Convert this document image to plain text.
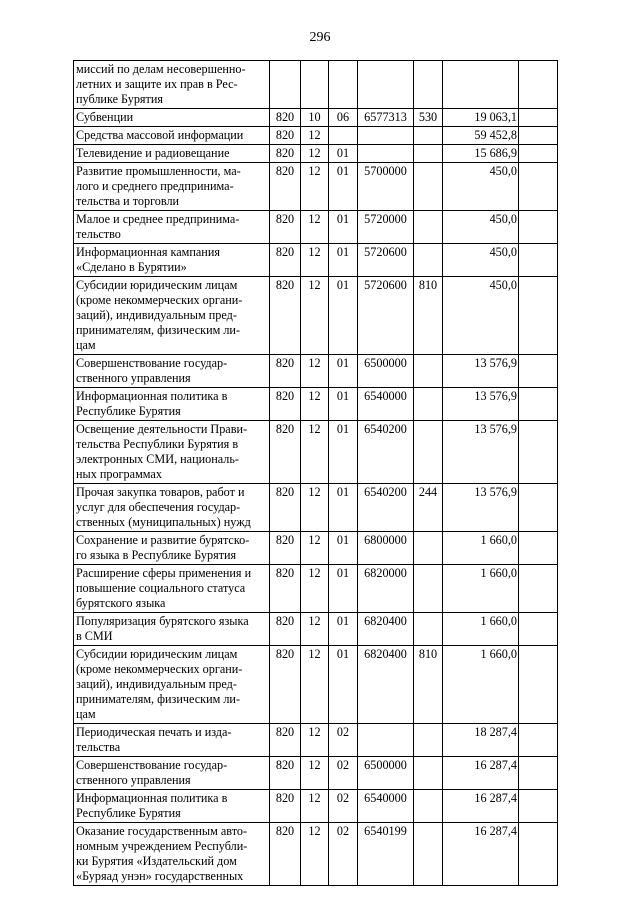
296
миссий по делам несовершенно-
летних и защите их прав в Рес-
публике Бурятия							
Субвенции	820	10	06	6577313	530	19 063,1	
Средства массовой информации	820	12				59 452,8	
Телевидение и радиовещание	820	12	01			15 686,9	
Развитие промышленности, ма-
лого и среднего предпринима-
тельства и торговли	820	12	01	5700000		450,0	
Малое и среднее предпринима-
тельство	820	12	01	5720000		450,0	
Информационная кампания
«Сделано в Бурятии»	820	12	01	5720600		450,0	
Субсидии юридическим лицам
(кроме некоммерческих органи-
заций), индивидуальным пред-
принимателям, физическим ли-
цам	820	12	01	5720600	810	450,0	
Совершенствование государ-
ственного управления	820	12	01	6500000		13 576,9	
Информационная политика в
Республике Бурятия	820	12	01	6540000		13 576,9	
Освещение деятельности Прави-
тельства Республики Бурятия в
электронных СМИ, националь-
ных программах	820	12	01	6540200		13 576,9	
Прочая закупка товаров, работ и
услуг для обеспечения государ-
ственных (муниципальных) нужд	820	12	01	6540200	244	13 576,9	
Сохранение и развитие бурятско-
го языка в Республике Бурятия	820	12	01	6800000		1 660,0	
Расширение сферы применения и
повышение социального статуса
бурятского языка	820	12	01	6820000		1 660,0	
Популяризация бурятского языка
в СМИ	820	12	01	6820400		1 660,0	
Субсидии юридическим лицам
(кроме некоммерческих органи-
заций), индивидуальным пред-
принимателям, физическим ли-
цам	820	12	01	6820400	810	1 660,0	
Периодическая печать и изда-
тельства	820	12	02			18 287,4	
Совершенствование государ-
ственного управления	820	12	02	6500000		16 287,4	
Информационная политика в
Республике Бурятия	820	12	02	6540000		16 287,4	
Оказание государственным авто-
номным учреждением Республи-
ки Бурятия «Издательский дом
«Буряад унэн» государственных	820	12	02	6540199		16 287,4	
